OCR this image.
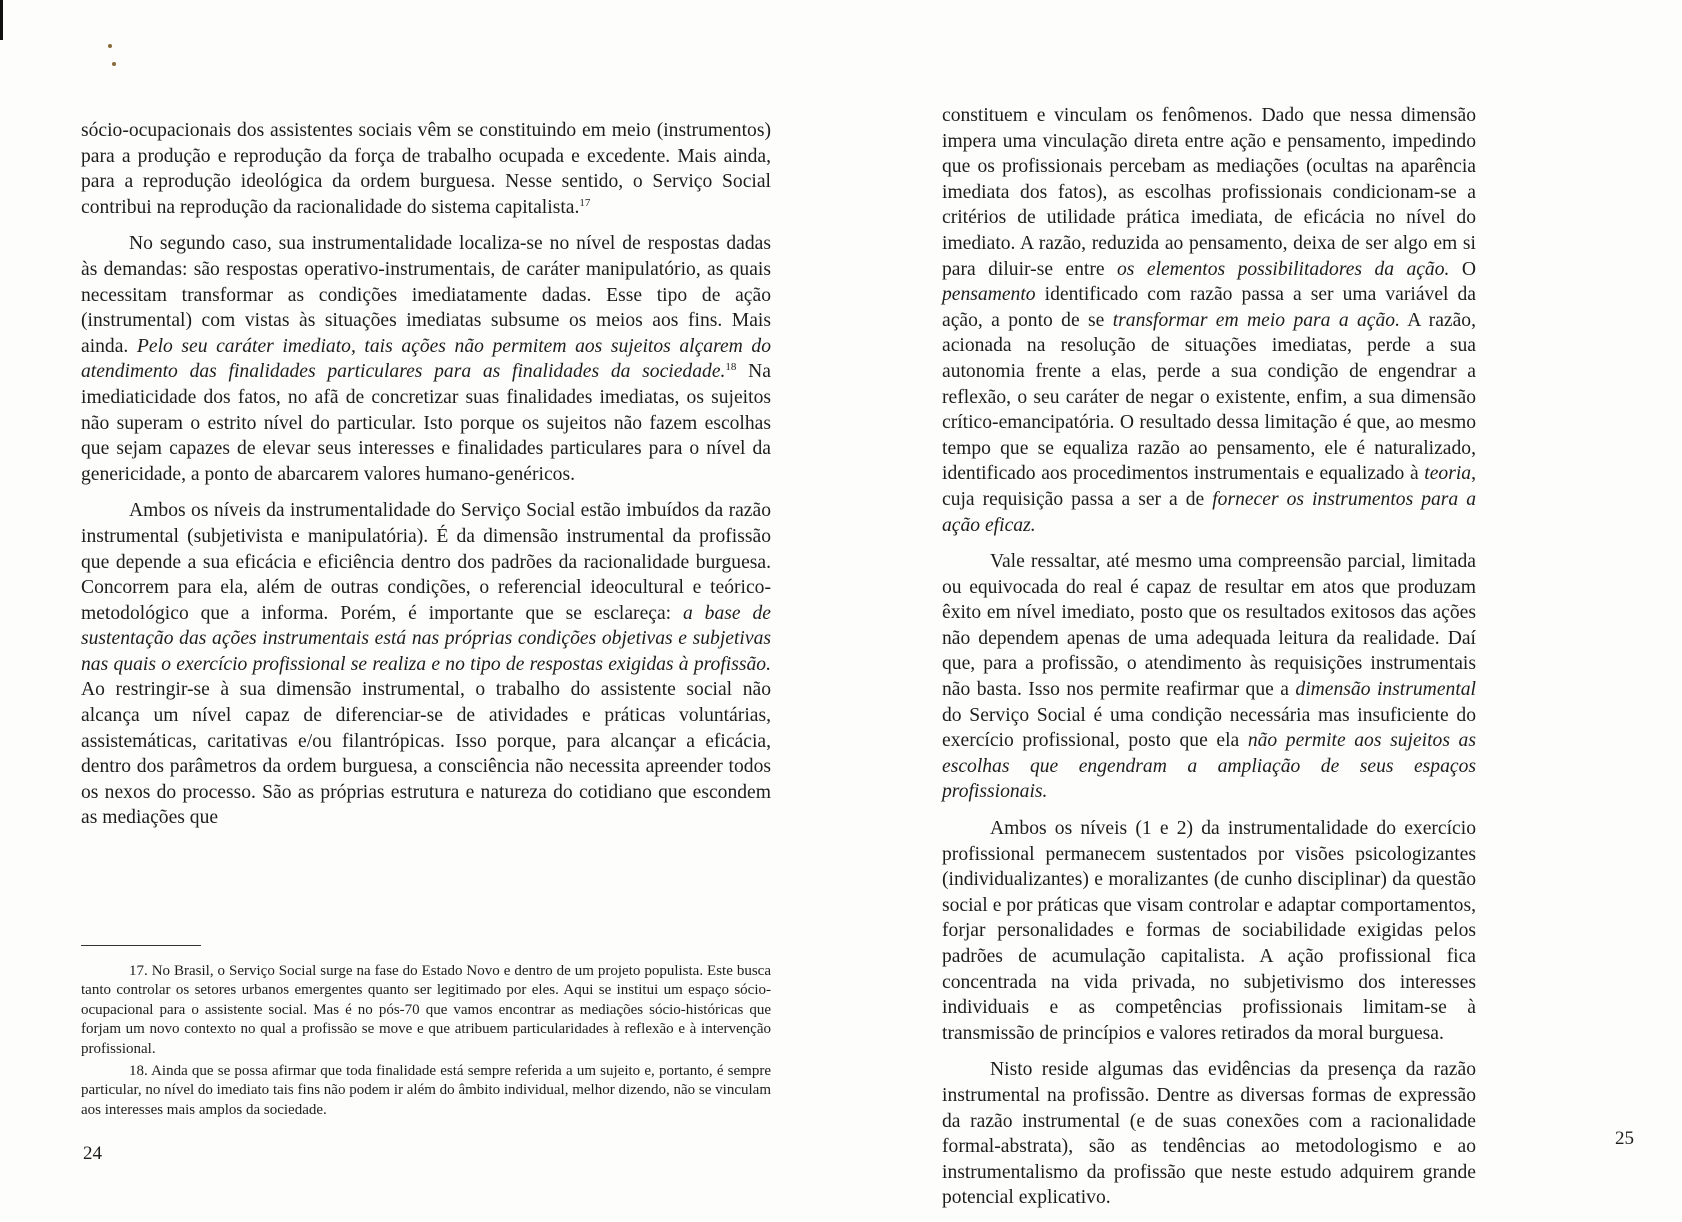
sócio-ocupacionais dos assistentes sociais vêm se constituindo em meio (instrumentos) para a produção e reprodução da força de trabalho ocupada e excedente. Mais ainda, para a reprodução ideológica da ordem burguesa. Nesse sentido, o Serviço Social contribui na reprodução da racionalidade do sistema capitalista.$^{17}$

No segundo caso, sua instrumentalidade localiza-se no nível de respostas dadas às demandas: são respostas operativo-instrumentais, de caráter manipulatório, as quais necessitam transformar as condições imediatamente dadas. Esse tipo de ação (instrumental) com vistas às situações imediatas subsume os meios aos fins. Mais ainda. Pelo seu caráter imediato, tais ações não permitem aos sujeitos alçarem do atendimento das finalidades particulares para as finalidades da sociedade.$^{18}$ Na imediaticidade dos fatos, no afã de concretizar suas finalidades imediatas, os sujeitos não superam o estrito nível do particular. Isto porque os sujeitos não fazem escolhas que sejam capazes de elevar seus interesses e finalidades particulares para o nível da genericidade, a ponto de abarcarem valores humano-genéricos.

Ambos os níveis da instrumentalidade do Serviço Social estão imbuídos da razão instrumental (subjetivista e manipulatória). É da dimensão instrumental da profissão que depende a sua eficácia e eficiência dentro dos padrões da racionalidade burguesa. Concorrem para ela, além de outras condições, o referencial ideocultural e teórico-metodológico que a informa. Porém, é importante que se esclareça: a base de sustentação das ações instrumentais está nas próprias condições objetivas e subjetivas nas quais o exercício profissional se realiza e no tipo de respostas exigidas à profissão. Ao restringir-se à sua dimensão instrumental, o trabalho do assistente social não alcança um nível capaz de diferenciar-se de atividades e práticas voluntárias, assistemáticas, caritativas e/ou filantrópicas. Isso porque, para alcançar a eficácia, dentro dos parâmetros da ordem burguesa, a consciência não necessita apreender todos os nexos do processo. São as próprias estrutura e natureza do cotidiano que escondem as mediações que

17. No Brasil, o Serviço Social surge na fase do Estado Novo e dentro de um projeto populista. Este busca tanto controlar os setores urbanos emergentes quanto ser legitimado por eles. Aqui se institui um espaço sócio-ocupacional para o assistente social. Mas é no pós-70 que vamos encontrar as mediações sócio-históricas que forjam um novo contexto no qual a profissão se move e que atribuem particularidades à reflexão e à intervenção profissional.

18. Ainda que se possa afirmar que toda finalidade está sempre referida a um sujeito e, portanto, é sempre particular, no nível do imediato tais fins não podem ir além do âmbito individual, melhor dizendo, não se vinculam aos interesses mais amplos da sociedade.

24

constituem e vinculam os fenômenos. Dado que nessa dimensão impera uma vinculação direta entre ação e pensamento, impedindo que os profissionais percebam as mediações (ocultas na aparência imediata dos fatos), as escolhas profissionais condicionam-se a critérios de utilidade prática imediata, de eficácia no nível do imediato. A razão, reduzida ao pensamento, deixa de ser algo em si para diluir-se entre os elementos possibilitadores da ação. O pensamento identificado com razão passa a ser uma variável da ação, a ponto de se transformar em meio para a ação. A razão, acionada na resolução de situações imediatas, perde a sua autonomia frente a elas, perde a sua condição de engendrar a reflexão, o seu caráter de negar o existente, enfim, a sua dimensão crítico-emancipatória. O resultado dessa limitação é que, ao mesmo tempo que se equaliza razão ao pensamento, ele é naturalizado, identificado aos procedimentos instrumentais e equalizado à teoria, cuja requisição passa a ser a de fornecer os instrumentos para a ação eficaz.

Vale ressaltar, até mesmo uma compreensão parcial, limitada ou equivocada do real é capaz de resultar em atos que produzam êxito em nível imediato, posto que os resultados exitosos das ações não dependem apenas de uma adequada leitura da realidade. Daí que, para a profissão, o atendimento às requisições instrumentais não basta. Isso nos permite reafirmar que a dimensão instrumental do Serviço Social é uma condição necessária mas insuficiente do exercício profissional, posto que ela não permite aos sujeitos as escolhas que engendram a ampliação de seus espaços profissionais.

Ambos os níveis (1 e 2) da instrumentalidade do exercício profissional permanecem sustentados por visões psicologizantes (individualizantes) e moralizantes (de cunho disciplinar) da questão social e por práticas que visam controlar e adaptar comportamentos, forjar personalidades e formas de sociabilidade exigidas pelos padrões de acumulação capitalista. A ação profissional fica concentrada na vida privada, no subjetivismo dos interesses individuais e as competências profissionais limitam-se à transmissão de princípios e valores retirados da moral burguesa.

Nisto reside algumas das evidências da presença da razão instrumental na profissão. Dentre as diversas formas de expressão da razão instrumental (e de suas conexões com a racionalidade formal-abstrata), são as tendências ao metodologismo e ao instrumentalismo da profissão que neste estudo adquirem grande potencial explicativo.

25
